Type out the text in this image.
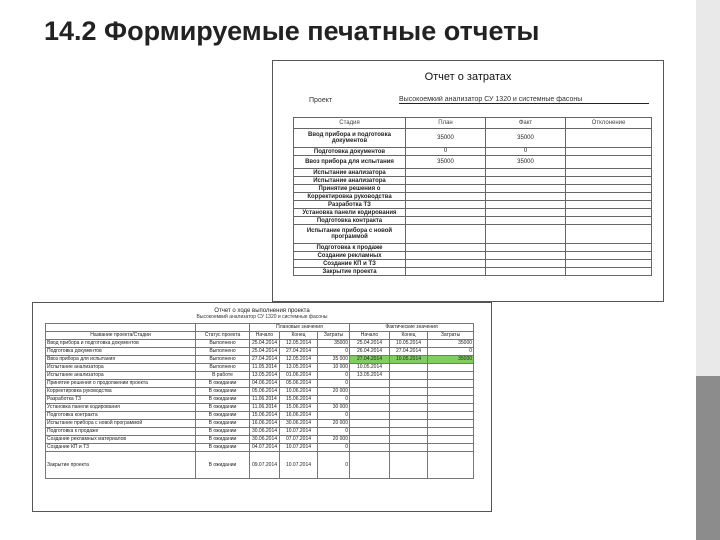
14.2 Формируемые печатные отчеты
Отчет о затратах
Проект	Высокоемкий анализатор СУ 1320 и системные фасоны
Стадия	План	Факт	Отклонение
Ввод прибора и подготовка документов	35000	35000	
Подготовка документов	0	0	
Ввоз прибора для испытания	35000	35000	
Испытание анализатора			
Испытание анализатора			
Принятие решения о			
Корректировка руководства			
Разработка ТЗ			
Установка панели кодирования			
Подготовка контракта			
Испытание прибора с новой программой			
Подготовка к продаже			
Создание рекламных			
Создание КП и ТЗ			
Закрытие проекта			
Отчет о ходе выполнения проекта
Высокоемкий анализатор СУ 1320 и системные фасоны
		Плановые значения			Фактические значения		
Название проекта/Стадии	Статус проекта	Начало	Конец	Затраты	Начало	Конец	Затраты
Ввод прибора и подготовка документов	Выполнено	25.04.2014	12.05.2014	35000	25.04.2014	10.05.2014	35000
Подготовка документов	Выполнено	25.04.2014	27.04.2014	0	26.04.2014	27.04.2014	0
Ввоз прибора для испытания	Выполнено	27.04.2014	12.05.2014	35 000	27.04.2014	10.05.2014	35000
Испытание анализатора	Выполнено	11.05.2014	13.05.2014	10 000	10.05.2014		
Испытание анализатора	В работе	13.05.2014	01.06.2014	0	13.05.2014		
Принятие решения о продолжении проекта	В ожидании	04.06.2014	05.06.2014	0			
Корректировка руководства	В ожидании	05.06.2014	10.06.2014	20 000			
Разработка ТЗ	В ожидании	11.06.2014	15.06.2014	0			
Установка панели кодирования	В ожидании	11.06.2014	15.06.2014	30 000			
Подготовка контракта	В ожидании	15.06.2014	16.06.2014	0			
Испытание прибора с новой программой	В ожидании	16.06.2014	30.06.2014	20 000			
Подготовка к продаже	В ожидании	30.06.2014	10.07.2014	0			
Создание рекламных материалов	В ожидании	30.06.2014	07.07.2014	20 000			
Создание КП и ТЗ	В ожидании	04.07.2014	10.07.2014	0			
Закрытие проекта	В ожидании	09.07.2014	10.07.2014	0			
